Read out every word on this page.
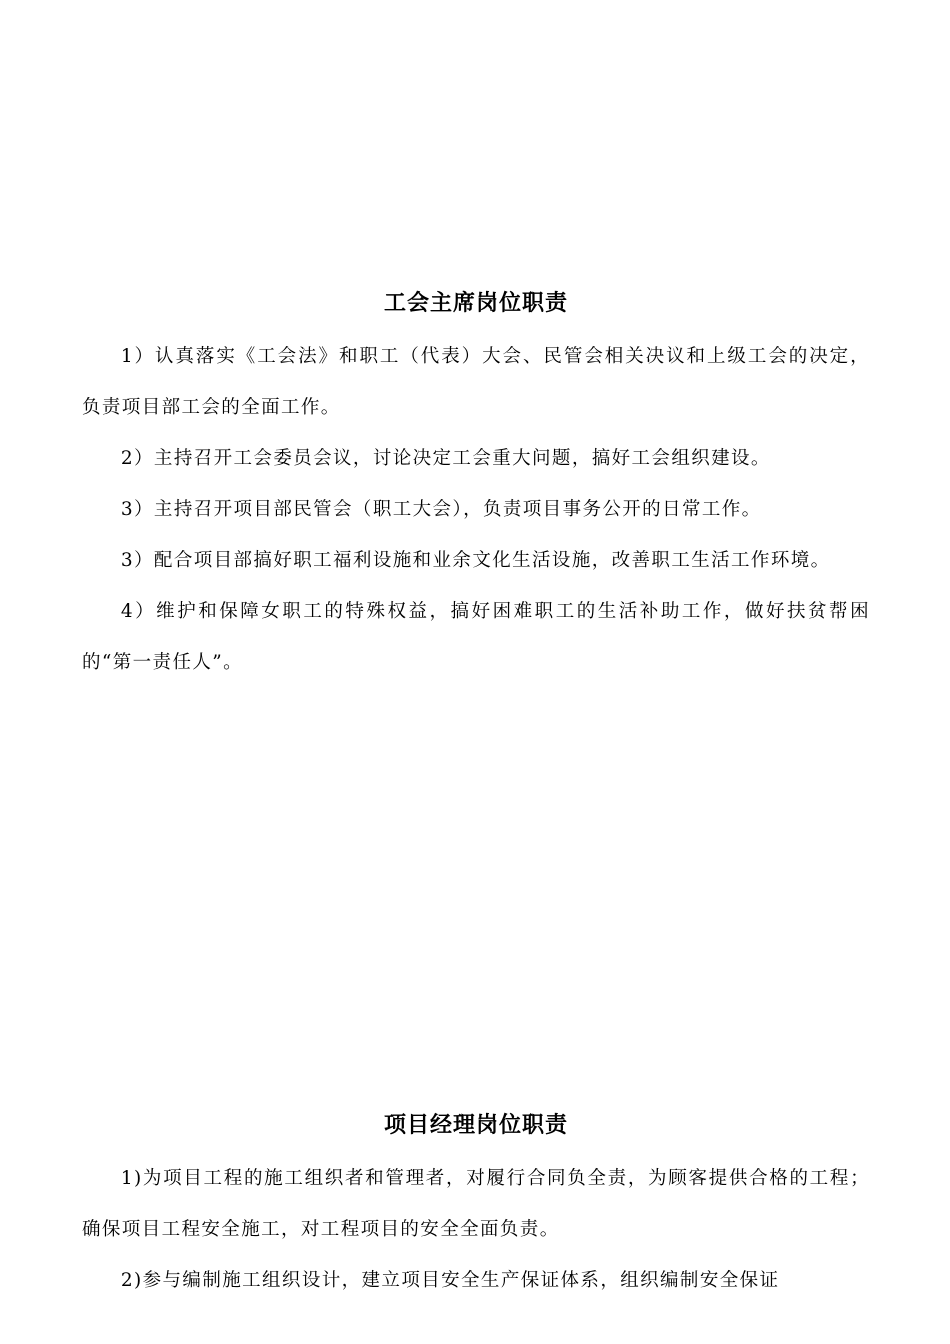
工会主席岗位职责

1）认真落实《工会法》和职工（代表）大会、民管会相关决议和上级工会的决定，负责项目部工会的全面工作。

2）主持召开工会委员会议，讨论决定工会重大问题，搞好工会组织建设。

3）主持召开项目部民管会（职工大会），负责项目事务公开的日常工作。

3）配合项目部搞好职工福利设施和业余文化生活设施，改善职工生活工作环境。

4）维护和保障女职工的特殊权益，搞好困难职工的生活补助工作，做好扶贫帮困的“第一责任人”。

项目经理岗位职责

1)为项目工程的施工组织者和管理者，对履行合同负全责，为顾客提供合格的工程；确保项目工程安全施工，对工程项目的安全全面负责。

2)参与编制施工组织设计，建立项目安全生产保证体系，组织编制安全保证
